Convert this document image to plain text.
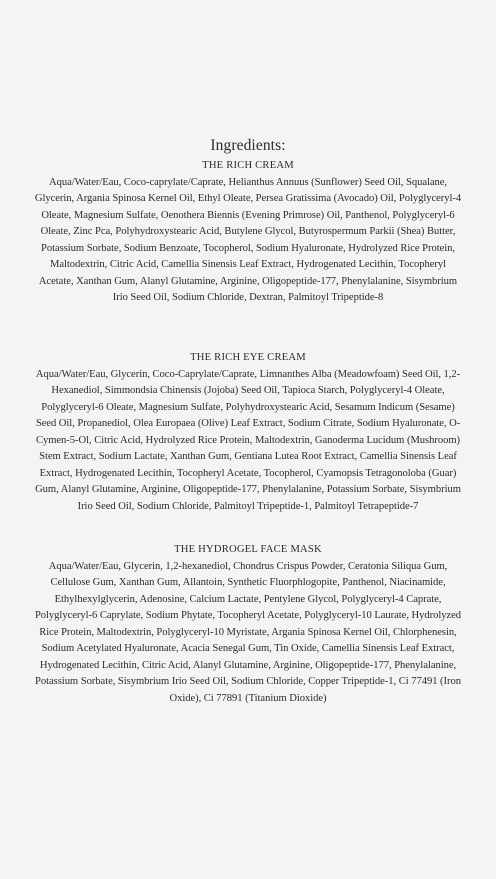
Ingredients:
THE RICH CREAM
Aqua/Water/Eau, Coco-caprylate/Caprate, Helianthus Annuus (Sunflower) Seed Oil, Squalane, Glycerin, Argania Spinosa Kernel Oil, Ethyl Oleate, Persea Gratissima (Avocado) Oil, Polyglyceryl-4 Oleate, Magnesium Sulfate, Oenothera Biennis (Evening Primrose) Oil, Panthenol, Polyglyceryl-6 Oleate, Zinc Pca, Polyhydroxystearic Acid, Butylene Glycol, Butyrospermum Parkii (Shea) Butter, Potassium Sorbate, Sodium Benzoate, Tocopherol, Sodium Hyaluronate, Hydrolyzed Rice Protein, Maltodextrin, Citric Acid, Camellia Sinensis Leaf Extract, Hydrogenated Lecithin, Tocopheryl Acetate, Xanthan Gum, Alanyl Glutamine, Arginine, Oligopeptide-177, Phenylalanine, Sisymbrium Irio Seed Oil, Sodium Chloride, Dextran, Palmitoyl Tripeptide-8
THE RICH EYE CREAM
Aqua/Water/Eau, Glycerin, Coco-Caprylate/Caprate, Limnanthes Alba (Meadowfoam) Seed Oil, 1,2-Hexanediol, Simmondsia Chinensis (Jojoba) Seed Oil, Tapioca Starch, Polyglyceryl-4 Oleate, Polyglyceryl-6 Oleate, Magnesium Sulfate, Polyhydroxystearic Acid, Sesamum Indicum (Sesame) Seed Oil, Propanediol, Olea Europaea (Olive) Leaf Extract, Sodium Citrate, Sodium Hyaluronate, O-Cymen-5-Ol, Citric Acid, Hydrolyzed Rice Protein, Maltodextrin, Ganoderma Lucidum (Mushroom) Stem Extract, Sodium Lactate, Xanthan Gum, Gentiana Lutea Root Extract, Camellia Sinensis Leaf Extract, Hydrogenated Lecithin, Tocopheryl Acetate, Tocopherol, Cyamopsis Tetragonoloba (Guar) Gum, Alanyl Glutamine, Arginine, Oligopeptide-177, Phenylalanine, Potassium Sorbate, Sisymbrium Irio Seed Oil, Sodium Chloride, Palmitoyl Tripeptide-1, Palmitoyl Tetrapeptide-7
THE HYDROGEL FACE MASK
Aqua/Water/Eau, Glycerin, 1,2-hexanediol, Chondrus Crispus Powder, Ceratonia Siliqua Gum, Cellulose Gum, Xanthan Gum, Allantoin, Synthetic Fluorphlogopite, Panthenol, Niacinamide, Ethylhexylglycerin, Adenosine, Calcium Lactate, Pentylene Glycol, Polyglyceryl-4 Caprate, Polyglyceryl-6 Caprylate, Sodium Phytate, Tocopheryl Acetate, Polyglyceryl-10 Laurate, Hydrolyzed Rice Protein, Maltodextrin, Polyglyceryl-10 Myristate, Argania Spinosa Kernel Oil, Chlorphenesin, Sodium Acetylated Hyaluronate, Acacia Senegal Gum, Tin Oxide, Camellia Sinensis Leaf Extract, Hydrogenated Lecithin, Citric Acid, Alanyl Glutamine, Arginine, Oligopeptide-177, Phenylalanine, Potassium Sorbate, Sisymbrium Irio Seed Oil, Sodium Chloride, Copper Tripeptide-1, Ci 77491 (Iron Oxide), Ci 77891 (Titanium Dioxide)
